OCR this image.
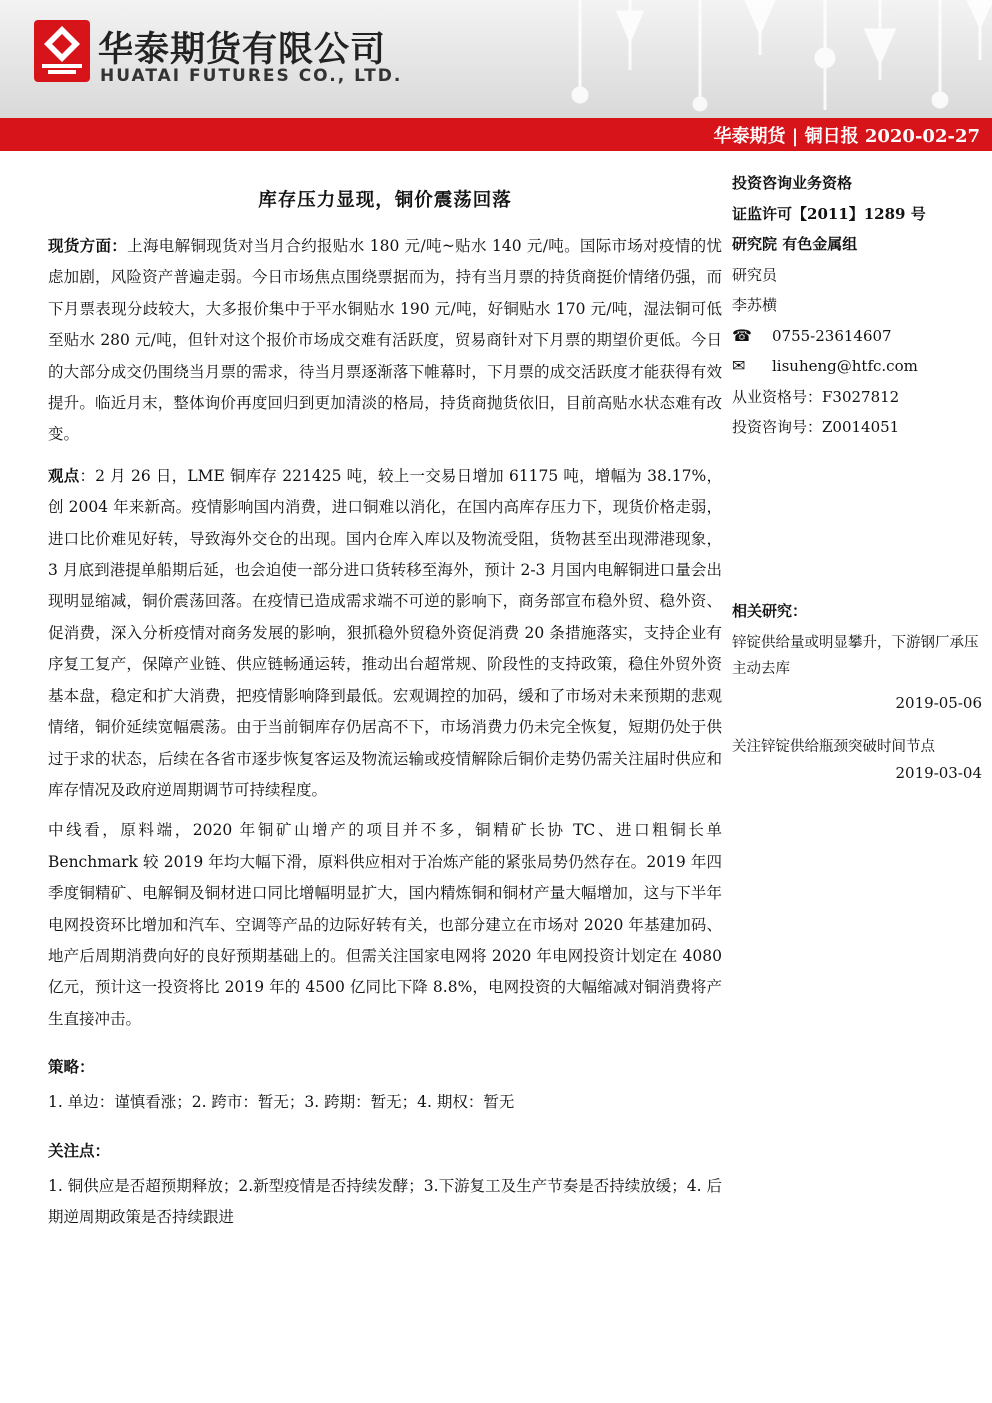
华泰期货有限公司
HUATAI FUTURES CO., LTD.
华泰期货 | 铜日报 2020-02-27
库存压力显现，铜价震荡回落

现货方面：上海电解铜现货对当月合约报贴水 180 元/吨~贴水 140 元/吨。国际市场对疫情的忧虑加剧，风险资产普遍走弱。今日市场焦点围绕票据而为，持有当月票的持货商挺价情绪仍强，而下月票表现分歧较大，大多报价集中于平水铜贴水 190 元/吨，好铜贴水 170 元/吨，湿法铜可低至贴水 280 元/吨，但针对这个报价市场成交难有活跃度，贸易商针对下月票的期望价更低。今日的大部分成交仍围绕当月票的需求，待当月票逐渐落下帷幕时，下月票的成交活跃度才能获得有效提升。临近月末，整体询价再度回归到更加清淡的格局，持货商抛货依旧，目前高贴水状态难有改变。

观点：2 月 26 日，LME 铜库存 221425 吨，较上一交易日增加 61175 吨，增幅为 38.17%，创 2004 年来新高。疫情影响国内消费，进口铜难以消化，在国内高库存压力下，现货价格走弱，进口比价难见好转，导致海外交仓的出现。国内仓库入库以及物流受阻，货物甚至出现滞港现象，3 月底到港提单船期后延，也会迫使一部分进口货转移至海外，预计 2-3 月国内电解铜进口量会出现明显缩减，铜价震荡回落。在疫情已造成需求端不可逆的影响下，商务部宣布稳外贸、稳外资、促消费，深入分析疫情对商务发展的影响，狠抓稳外贸稳外资促消费 20 条措施落实，支持企业有序复工复产，保障产业链、供应链畅通运转，推动出台超常规、阶段性的支持政策，稳住外贸外资基本盘，稳定和扩大消费，把疫情影响降到最低。宏观调控的加码，缓和了市场对未来预期的悲观情绪，铜价延续宽幅震荡。由于当前铜库存仍居高不下，市场消费力仍未完全恢复，短期仍处于供过于求的状态，后续在各省市逐步恢复客运及物流运输或疫情解除后铜价走势仍需关注届时供应和库存情况及政府逆周期调节可持续程度。

中线看，原料端，2020 年铜矿山增产的项目并不多，铜精矿长协 TC、进口粗铜长单 Benchmark 较 2019 年均大幅下滑，原料供应相对于冶炼产能的紧张局势仍然存在。2019 年四季度铜精矿、电解铜及铜材进口同比增幅明显扩大，国内精炼铜和铜材产量大幅增加，这与下半年电网投资环比增加和汽车、空调等产品的边际好转有关，也部分建立在市场对 2020 年基建加码、地产后周期消费向好的良好预期基础上的。但需关注国家电网将 2020 年电网投资计划定在 4080 亿元，预计这一投资将比 2019 年的 4500 亿同比下降 8.8%，电网投资的大幅缩减对铜消费将产生直接冲击。

策略：

1. 单边：谨慎看涨；2. 跨市：暂无；3. 跨期：暂无；4. 期权：暂无

关注点：

1. 铜供应是否超预期释放；2.新型疫情是否持续发酵；3.下游复工及生产节奏是否持续放缓；4. 后期逆周期政策是否持续跟进

投资咨询业务资格
证监许可【2011】1289 号
研究院 有色金属组
研究员
李苏横
☎ 0755-23614607
✉	lisuheng@htfc.com
从业资格号：F3027812
投资咨询号：Z0014051
相关研究：
锌锭供给量或明显攀升，下游钢厂承压主动去库
2019-05-06
关注锌锭供给瓶颈突破时间节点
2019-03-04
